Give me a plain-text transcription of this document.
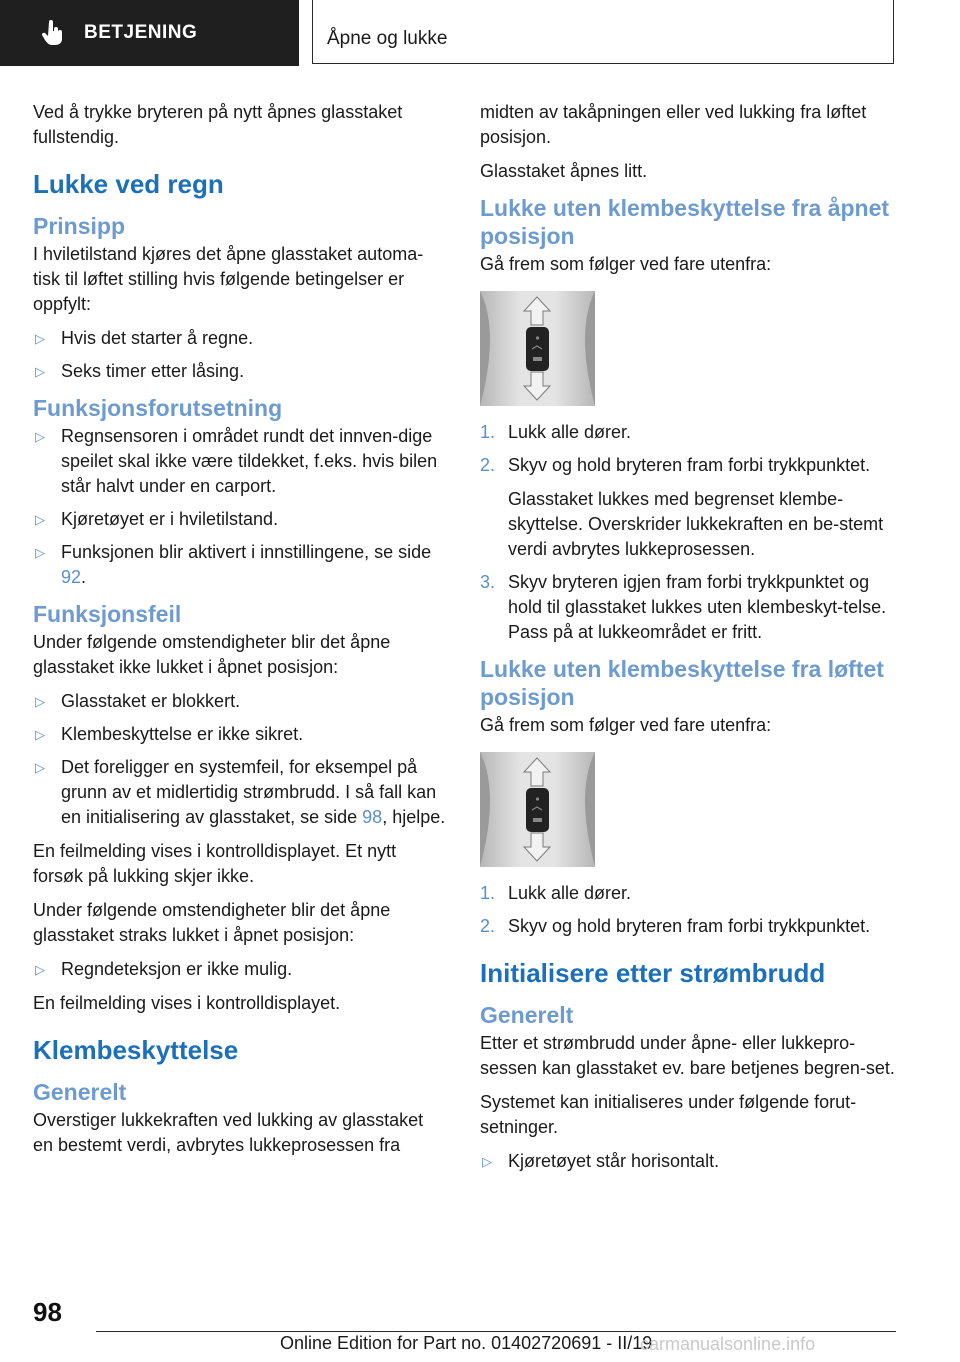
BETJENING	Åpne og lukke

Ved å trykke bryteren på nytt åpnes glasstaket fullstendig.

Lukke ved regn
Prinsipp

I hviletilstand kjøres det åpne glasstaket automa-tisk til løftet stilling hvis følgende betingelser er oppfylt:

▷ Hvis det starter å regne.
▷ Seks timer etter låsing.
Funksjonsforutsetning
▷ Regnsensoren i området rundt det innven-dige speilet skal ikke være tildekket, f.eks. hvis bilen står halvt under en carport.
▷ Kjøretøyet er i hviletilstand.
▷ Funksjonen blir aktivert i innstillingene, se side 92.
Funksjonsfeil

Under følgende omstendigheter blir det åpne glasstaket ikke lukket i åpnet posisjon:

▷ Glasstaket er blokkert.
▷ Klembeskyttelse er ikke sikret.
▷ Det foreligger en systemfeil, for eksempel på grunn av et midlertidig strømbrudd. I så fall kan en initialisering av glasstaket, se side 98, hjelpe.

En feilmelding vises i kontrolldisplayet. Et nytt forsøk på lukking skjer ikke.

Under følgende omstendigheter blir det åpne glasstaket straks lukket i åpnet posisjon:

▷ Regndeteksjon er ikke mulig.

En feilmelding vises i kontrolldisplayet.

Klembeskyttelse
Generelt

Overstiger lukkekraften ved lukking av glasstaket en bestemt verdi, avbrytes lukkeprosessen fra

midten av takåpningen eller ved lukking fra løftet posisjon.

Glasstaket åpnes litt.

Lukke uten klembeskyttelse fra åpnet posisjon

Gå frem som følger ved fare utenfra:

1. Lukk alle dører.
2. Skyv og hold bryteren fram forbi trykkpunktet.

Glasstaket lukkes med begrenset klembe-skyttelse. Overskrider lukkekraften en be-stemt verdi avbrytes lukkeprosessen.

3. Skyv bryteren igjen fram forbi trykkpunktet og hold til glasstaket lukkes uten klembeskyt-telse. Pass på at lukkeområdet er fritt.
Lukke uten klembeskyttelse fra løftet posisjon

Gå frem som følger ved fare utenfra:

1. Lukk alle dører.
2. Skyv og hold bryteren fram forbi trykkpunktet.
Initialisere etter strømbrudd
Generelt

Etter et strømbrudd under åpne- eller lukkepro-sessen kan glasstaket ev. bare betjenes begren-set.

Systemet kan initialiseres under følgende forut-setninger.

▷ Kjøretøyet står horisontalt.
98
Online Edition for Part no. 01402720691 - II/19
carmanualsonline.info
